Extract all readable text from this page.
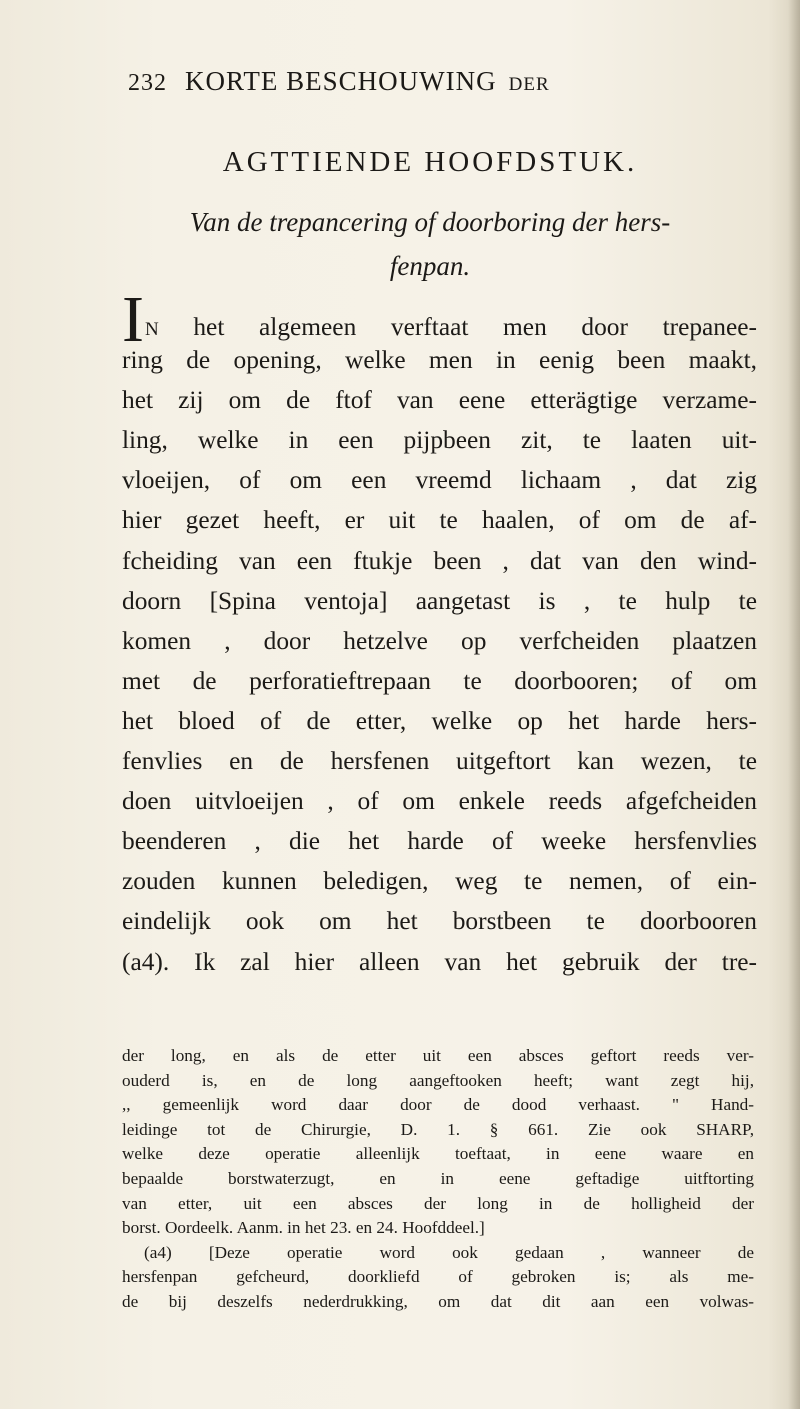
232 KORTE BESCHOUWING DER
AGTTIENDE HOOFDSTUK.
Van de trepancering of doorboring der hers-
fenpan.
IN het algemeen verftaat men door trepanee-
ring de opening, welke men in eenig been maakt,
het zij om de ftof van eene etterägtige verzame-
ling, welke in een pijpbeen zit, te laaten uit-
vloeijen, of om een vreemd lichaam , dat zig
hier gezet heeft, er uit te haalen, of om de af-
fcheiding van een ftukje been , dat van den wind-
doorn [Spina ventoja] aangetast is , te hulp te
komen , door hetzelve op verfcheiden plaatzen
met de perforatieftrepaan te doorbooren; of om
het bloed of de etter, welke op het harde hers-
fenvlies en de hersfenen uitgeftort kan wezen, te
doen uitvloeijen , of om enkele reeds afgefcheiden
beenderen , die het harde of weeke hersfenvlies
zouden kunnen beledigen, weg te nemen, of ein-
eindelijk ook om het borstbeen te doorbooren
(a4). Ik zal hier alleen van het gebruik der tre-
der long, en als de etter uit een absces geftort reeds ver-
ouderd is, en de long aangeftooken heeft; want zegt hij,
,, gemeenlijk word daar door de dood verhaast. " Hand-
leidinge tot de Chirurgie, D. 1. § 661. Zie ook SHARP,
welke deze operatie alleenlijk toeftaat, in eene waare en
bepaalde borstwaterzugt, en in eene geftadige uitftorting
van etter, uit een absces der long in de holligheid der
borst. Oordeelk. Aanm. in het 23. en 24. Hoofddeel.]
(a4) [Deze operatie word ook gedaan , wanneer de
hersfenpan gefcheurd, doorkliefd of gebroken is; als me-
de bij deszelfs nederdrukking, om dat dit aan een volwas-
